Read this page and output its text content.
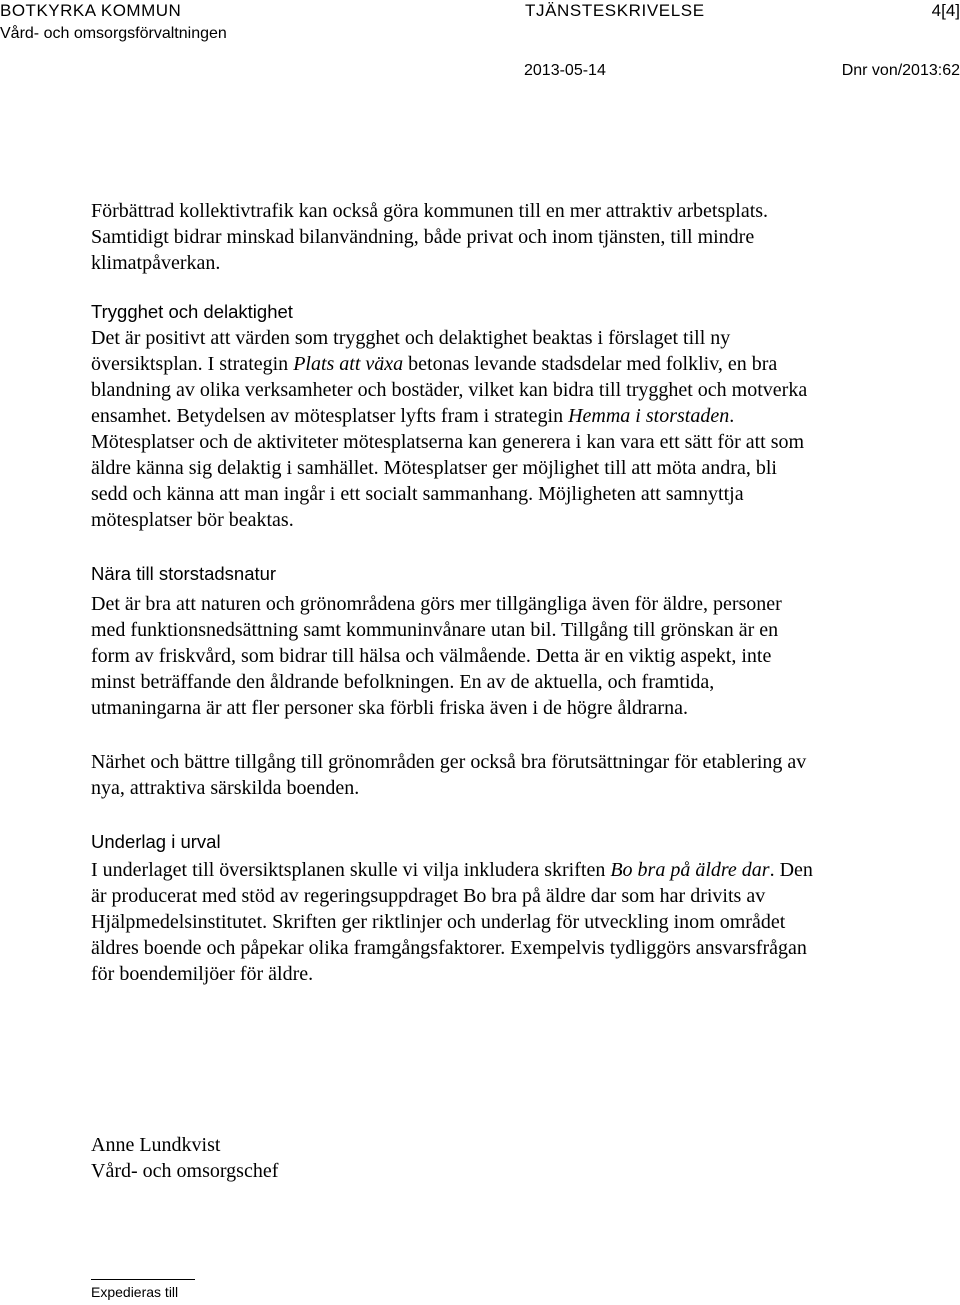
BOTKYRKA KOMMUN	TJÄNSTESKRIVELSE	4[4]
Vård- och omsorgsförvaltningen
2013-05-14	Dnr von/2013:62

Förbättrad kollektivtrafik kan också göra kommunen till en mer attraktiv arbetsplats. Samtidigt bidrar minskad bilanvändning, både privat och inom tjänsten, till mindre klimatpåverkan.

Trygghet och delaktighet

Det är positivt att värden som trygghet och delaktighet beaktas i förslaget till ny översiktsplan. I strategin Plats att växa betonas levande stadsdelar med folkliv, en bra blandning av olika verksamheter och bostäder, vilket kan bidra till trygghet och motverka ensamhet. Betydelsen av mötesplatser lyfts fram i strategin Hemma i storstaden. Mötesplatser och de aktiviteter mötesplatserna kan generera i kan vara ett sätt för att som äldre känna sig delaktig i samhället. Mötesplatser ger möjlighet till att möta andra, bli sedd och känna att man ingår i ett socialt sammanhang. Möjligheten att samnyttja mötesplatser bör beaktas.

Nära till storstadsnatur

Det är bra att naturen och grönområdena görs mer tillgängliga även för äldre, personer med funktionsnedsättning samt kommuninvånare utan bil. Tillgång till grönskan är en form av friskvård, som bidrar till hälsa och välmående. Detta är en viktig aspekt, inte minst beträffande den åldrande befolkningen. En av de aktuella, och framtida, utmaningarna är att fler personer ska förbli friska även i de högre åldrarna.

Närhet och bättre tillgång till grönområden ger också bra förutsättningar för etablering av nya, attraktiva särskilda boenden.

Underlag i urval

I underlaget till översiktsplanen skulle vi vilja inkludera skriften Bo bra på äldre dar. Den är producerat med stöd av regeringsuppdraget Bo bra på äldre dar som har drivits av Hjälpmedelsinstitutet. Skriften ger riktlinjer och underlag för utveckling inom området äldres boende och påpekar olika framgångsfaktorer. Exempelvis tydliggörs ansvarsfrågan för boendemiljöer för äldre.

Anne Lundkvist
Vård- och omsorgschef
Expedieras till
